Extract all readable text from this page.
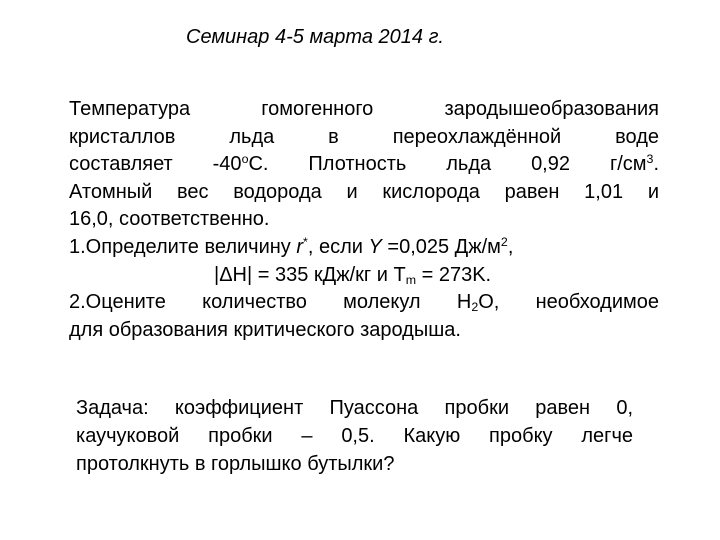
Семинар 4-5 марта 2014 г.
Температура гомогенного зародышеобразования
кристаллов льда в переохлаждённой воде
составляет -40$^o$С. Плотность льда 0,92 $г/см^3$.
Атомный вес водорода и кислорода равен 1,01 и
16,0, соответственно.
1.Определите величину r*, если Y =0,025 $Дж/м^2$,
|ΔH| = 335 кДж/кг и $T_m = 273K$.
2.Оцените количество молекул $H_2O$, необходимое
для образования критического зародыша.
Задача: коэффициент Пуассона пробки равен 0,
каучуковой пробки – 0,5. Какую пробку легче
протолкнуть в горлышко бутылки?
